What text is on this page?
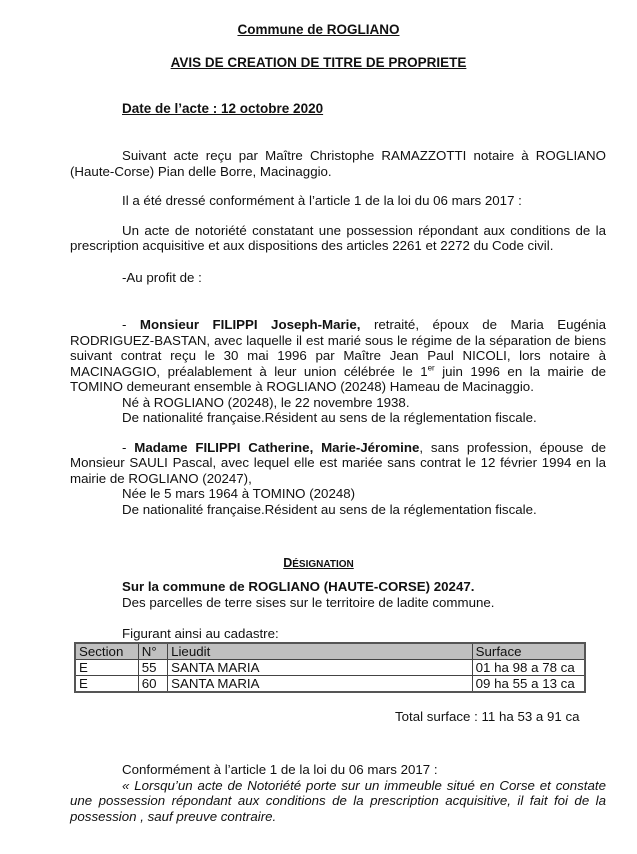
Commune de ROGLIANO
AVIS DE CREATION DE TITRE DE PROPRIETE
Date de l’acte : 12 octobre 2020
Suivant acte reçu par Maître Christophe RAMAZZOTTI notaire à ROGLIANO (Haute-Corse) Pian delle Borre, Macinaggio.
Il a été dressé conformément à l’article 1 de la loi du 06 mars 2017 :
Un acte de notoriété constatant une possession répondant aux conditions de la prescription acquisitive et aux dispositions des articles 2261 et 2272 du Code civil.
-Au profit de :
- Monsieur FILIPPI Joseph-Marie, retraité, époux de Maria Eugénia RODRIGUEZ-BASTAN, avec laquelle il est marié sous le régime de la séparation de biens suivant contrat reçu le 30 mai 1996 par Maître Jean Paul NICOLI, lors notaire à MACINAGGIO, préalablement à leur union célébrée le 1er juin 1996 en la mairie de TOMINO demeurant ensemble à ROGLIANO (20248) Hameau de Macinaggio.
Né à ROGLIANO (20248), le 22 novembre 1938.
De nationalité française.Résident au sens de la réglementation fiscale.
- Madame FILIPPI Catherine, Marie-Jéromine, sans profession, épouse de Monsieur SAULI Pascal, avec lequel elle est mariée sans contrat le 12 février 1994 en la mairie de ROGLIANO (20247),
Née le 5 mars 1964 à TOMINO (20248)
De nationalité française.Résident au sens de la réglementation fiscale.
DÉSIGNATION
Sur la commune de ROGLIANO (HAUTE-CORSE) 20247.
Des parcelles de terre sises sur le territoire de ladite commune.
Figurant ainsi au cadastre:
Section	N°	Lieudit	Surface
E	55	SANTA MARIA	01 ha 98 a 78 ca
E	60	SANTA MARIA	09 ha 55 a 13 ca
Total surface : 11 ha 53 a 91 ca
Conformément à l’article 1 de la loi du 06 mars 2017 :
« Lorsqu’un acte de Notoriété porte sur un immeuble situé en Corse et constate une possession répondant aux conditions de la prescription acquisitive, il fait foi de la possession , sauf preuve contraire.
